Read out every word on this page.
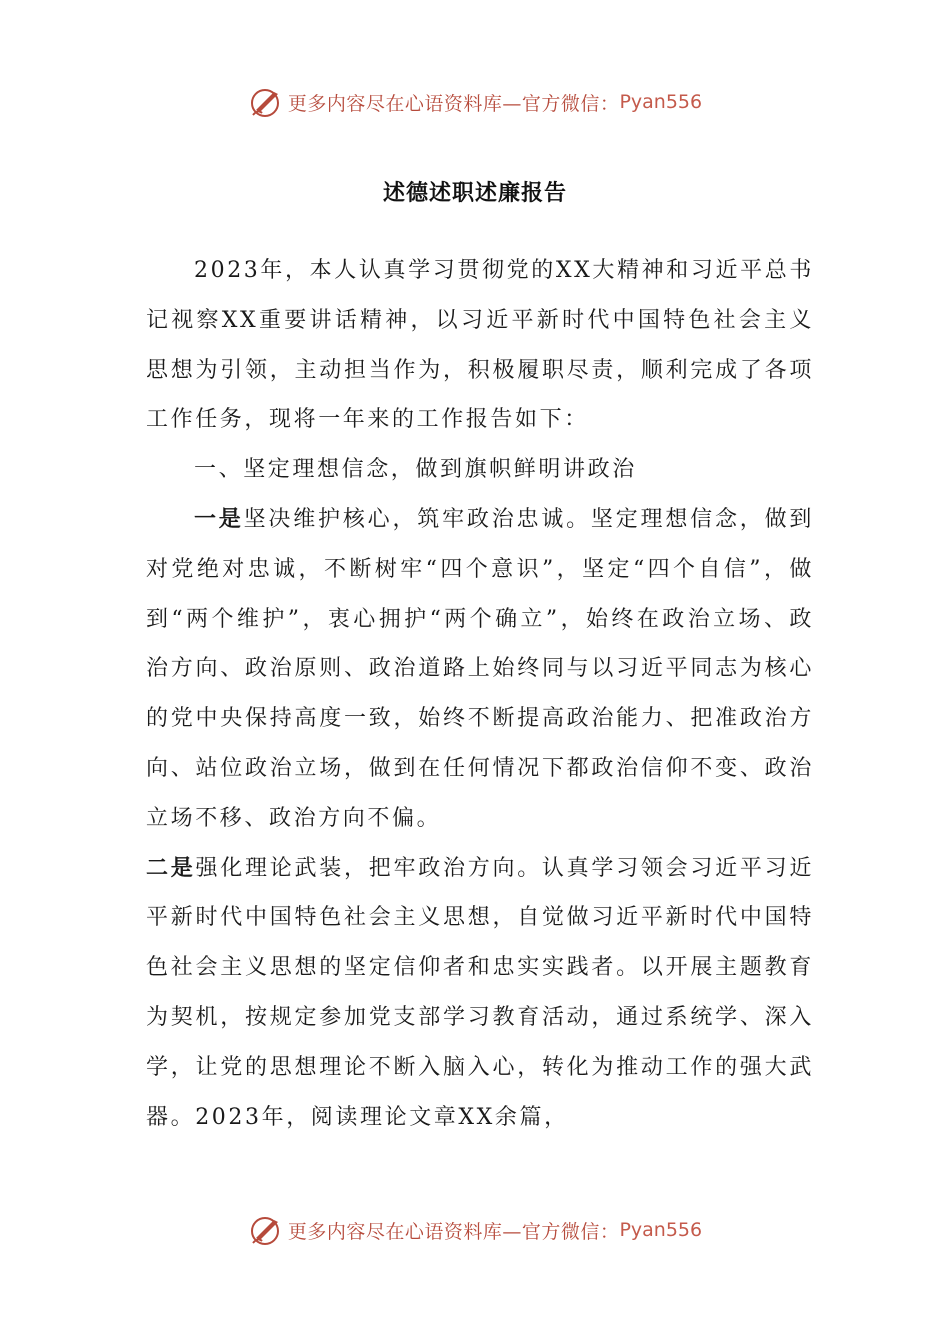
更多内容尽在心语资料库— 官方微信： Pyan556
述德述职述廉报告

2023年，本人认真学习贯彻党的XX大精神和习近平总书记视察XX重要讲话精神，以习近平新时代中国特色社会主义思想为引领，主动担当作为，积极履职尽责，顺利完成了各项工作任务，现将一年来的工作报告如下：

一、坚定理想信念，做到旗帜鲜明讲政治

一是坚决维护核心，筑牢政治忠诚。坚定理想信念，做到对党绝对忠诚，不断树牢“四个意识”，坚定“四个自信”，做到“两个维护”，衷心拥护“两个确立”，始终在政治立场、政治方向、政治原则、政治道路上始终同与以习近平同志为核心的党中央保持高度一致，始终不断提高政治能力、把准政治方向、站位政治立场，做到在任何情况下都政治信仰不变、政治立场不移、政治方向不偏。

二是强化理论武装，把牢政治方向。认真学习领会习近平习近平新时代中国特色社会主义思想，自觉做习近平新时代中国特色社会主义思想的坚定信仰者和忠实实践者。以开展主题教育为契机，按规定参加党支部学习教育活动，通过系统学、深入学，让党的思想理论不断入脑入心，转化为推动工作的强大武器。2023年，阅读理论文章XX余篇，

更多内容尽在心语资料库— 官方微信： Pyan556
